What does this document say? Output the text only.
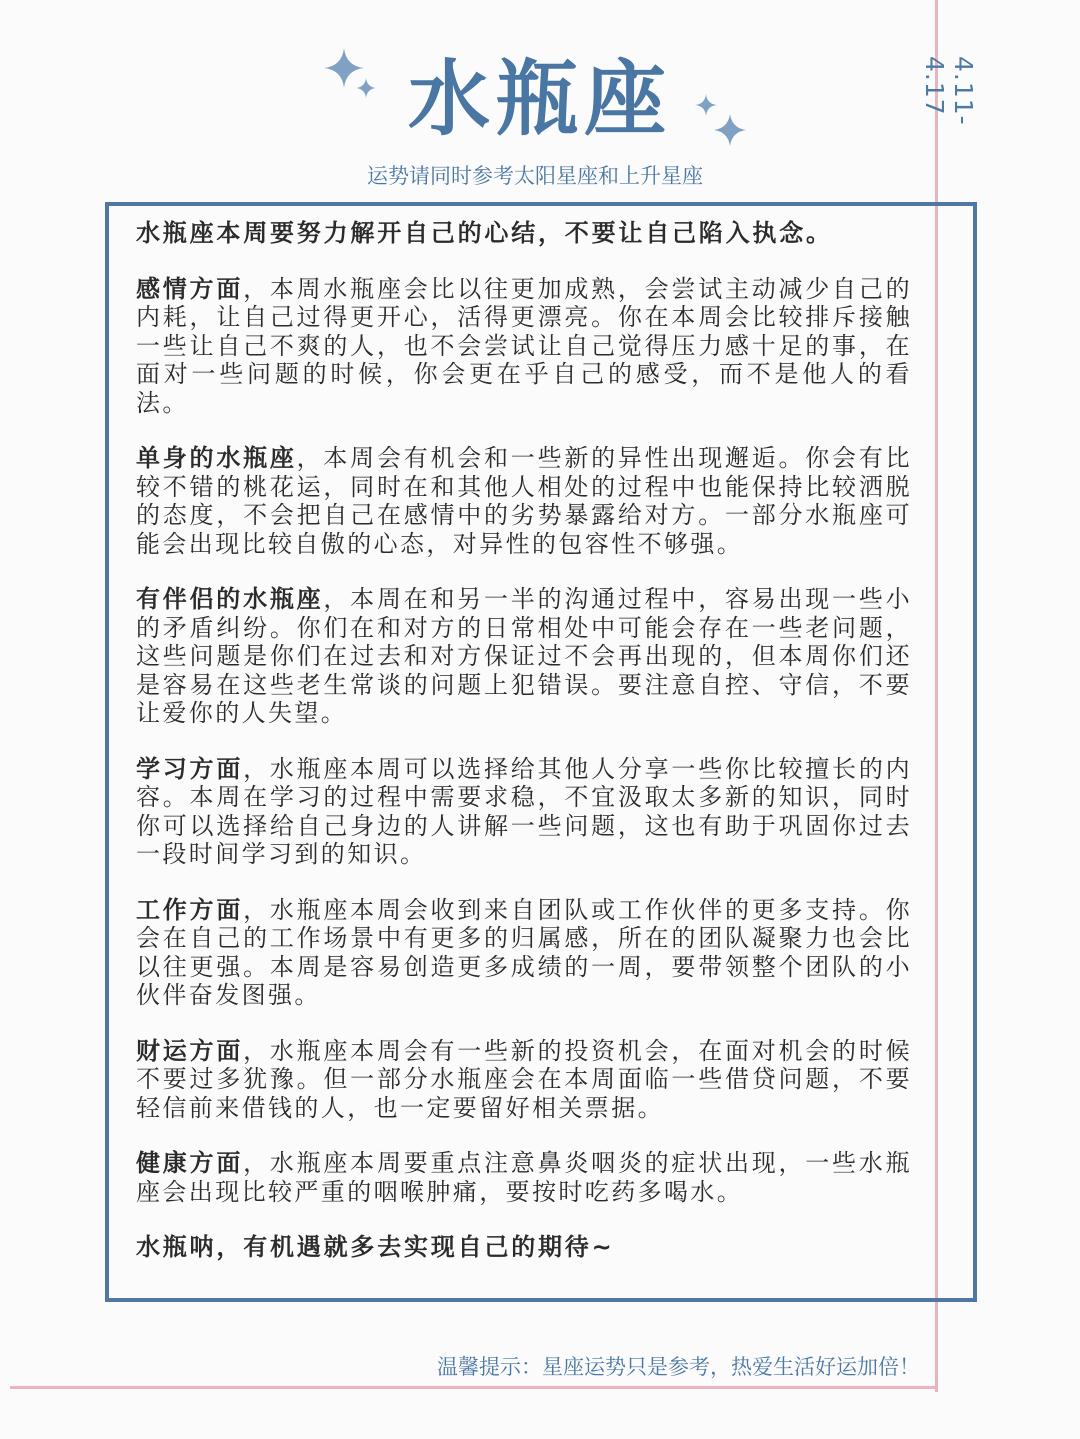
4.11-4.17
水瓶座
运势请同时参考太阳星座和上升星座

水瓶座本周要努力解开自己的心结，不要让自己陷入执念。

感情方面，本周水瓶座会比以往更加成熟，会尝试主动减少自己的内耗，让自己过得更开心，活得更漂亮。你在本周会比较排斥接触一些让自己不爽的人，也不会尝试让自己觉得压力感十足的事，在面对一些问题的时候，你会更在乎自己的感受，而不是他人的看法。

单身的水瓶座，本周会有机会和一些新的异性出现邂逅。你会有比较不错的桃花运，同时在和其他人相处的过程中也能保持比较洒脱的态度，不会把自己在感情中的劣势暴露给对方。一部分水瓶座可能会出现比较自傲的心态，对异性的包容性不够强。

有伴侣的水瓶座，本周在和另一半的沟通过程中，容易出现一些小的矛盾纠纷。你们在和对方的日常相处中可能会存在一些老问题，这些问题是你们在过去和对方保证过不会再出现的，但本周你们还是容易在这些老生常谈的问题上犯错误。要注意自控、守信，不要让爱你的人失望。

学习方面，水瓶座本周可以选择给其他人分享一些你比较擅长的内容。本周在学习的过程中需要求稳，不宜汲取太多新的知识，同时你可以选择给自己身边的人讲解一些问题，这也有助于巩固你过去一段时间学习到的知识。

工作方面，水瓶座本周会收到来自团队或工作伙伴的更多支持。你会在自己的工作场景中有更多的归属感，所在的团队凝聚力也会比以往更强。本周是容易创造更多成绩的一周，要带领整个团队的小伙伴奋发图强。

财运方面，水瓶座本周会有一些新的投资机会，在面对机会的时候不要过多犹豫。但一部分水瓶座会在本周面临一些借贷问题，不要轻信前来借钱的人，也一定要留好相关票据。

健康方面，水瓶座本周要重点注意鼻炎咽炎的症状出现，一些水瓶座会出现比较严重的咽喉肿痛，要按时吃药多喝水。

水瓶呐，有机遇就多去实现自己的期待~

温馨提示：星座运势只是参考，热爱生活好运加倍！
